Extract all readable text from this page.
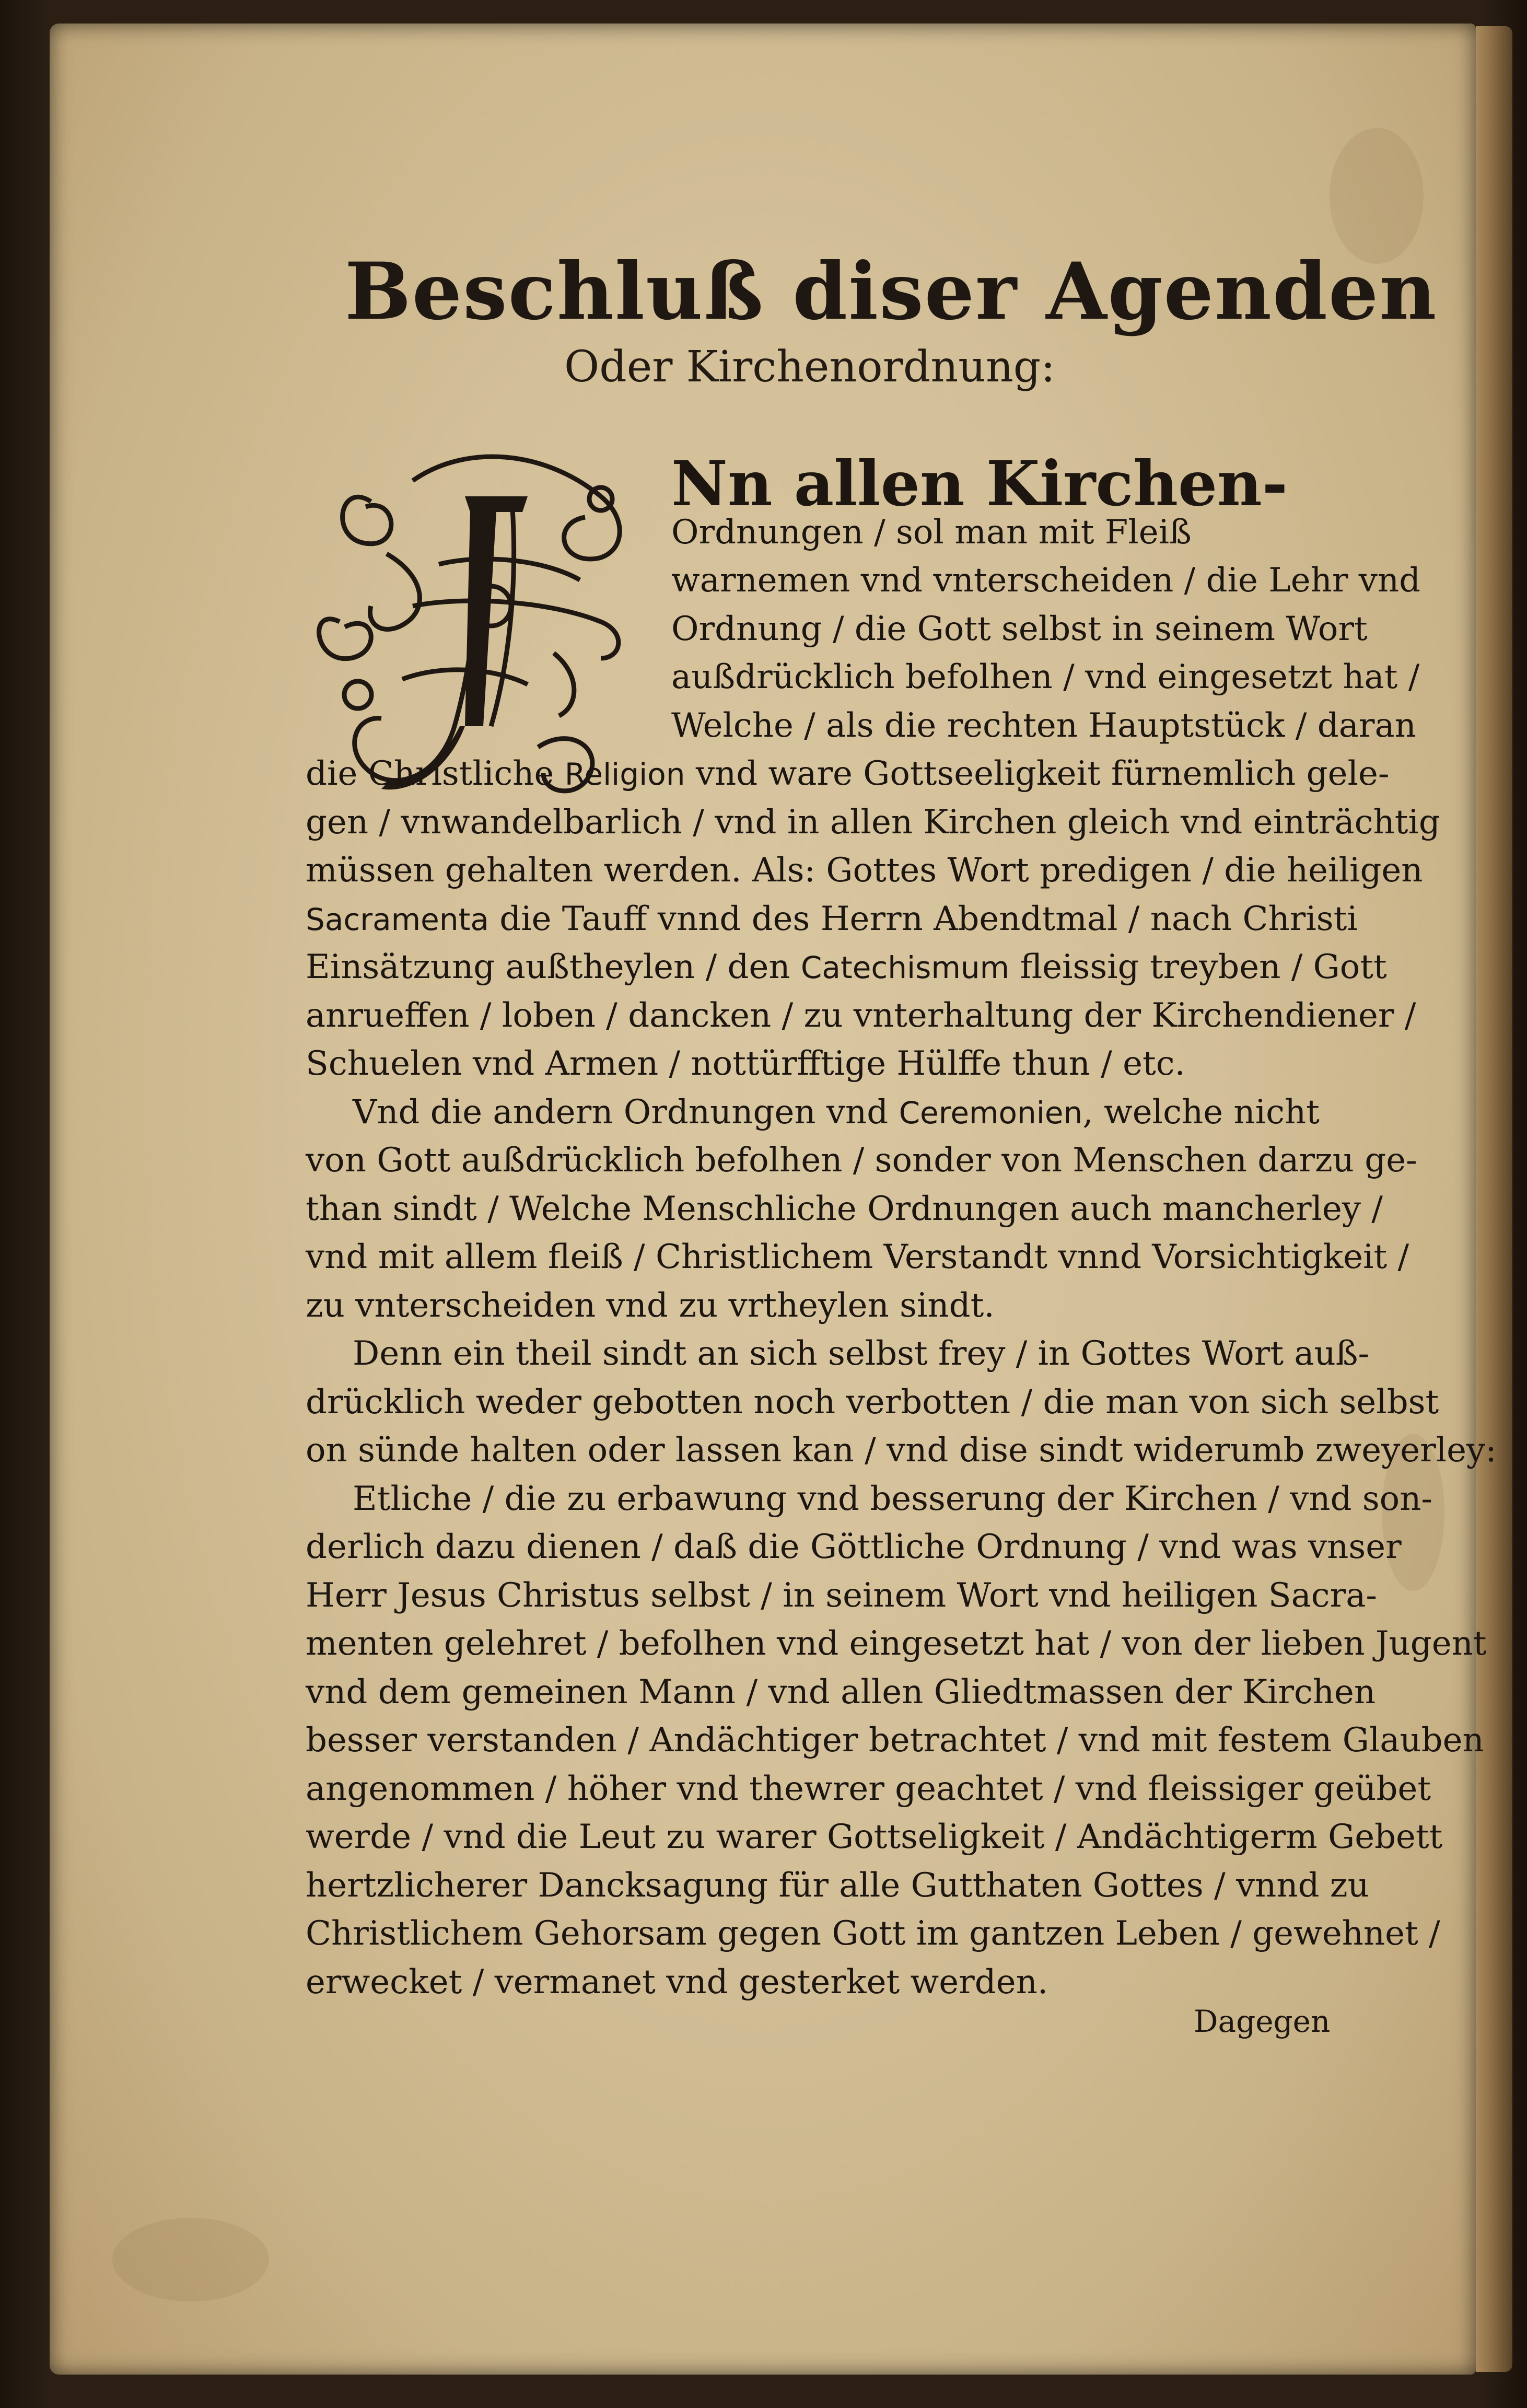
Beschluß diser Agenden
Oder Kirchenordnung:
Nn allen Kirchen-
Ordnungen / sol man mit Fleiß
warnemen vnd vnterscheiden / die Lehr vnd
Ordnung / die Gott selbst in seinem Wort
außdrücklich befolhen / vnd eingesetzt hat /
Welche / als die rechten Hauptstück / daran
die Christliche Religion vnd ware Gottseeligkeit fürnemlich gele-
gen / vnwandelbarlich / vnd in allen Kirchen gleich vnd einträchtig
müssen gehalten werden. Als: Gottes Wort predigen / die heiligen
Sacramenta die Tauff vnnd des Herrn Abendtmal / nach Christi
Einsätzung außtheylen / den Catechismum fleissig treyben / Gott
anrueffen / loben / dancken / zu vnterhaltung der Kirchendiener /
Schuelen vnd Armen / nottürfftige Hülffe thun / etc.
Vnd die andern Ordnungen vnd Ceremonien, welche nicht
von Gott außdrücklich befolhen / sonder von Menschen darzu ge-
than sindt / Welche Menschliche Ordnungen auch mancherley /
vnd mit allem fleiß / Christlichem Verstandt vnnd Vorsichtigkeit /
zu vnterscheiden vnd zu vrtheylen sindt.
Denn ein theil sindt an sich selbst frey / in Gottes Wort auß-
drücklich weder gebotten noch verbotten / die man von sich selbst
on sünde halten oder lassen kan / vnd dise sindt widerumb zweyerley:
Etliche / die zu erbawung vnd besserung der Kirchen / vnd son-
derlich dazu dienen / daß die Göttliche Ordnung / vnd was vnser
Herr Jesus Christus selbst / in seinem Wort vnd heiligen Sacra-
menten gelehret / befolhen vnd eingesetzt hat / von der lieben Jugent
vnd dem gemeinen Mann / vnd allen Gliedtmassen der Kirchen
besser verstanden / Andächtiger betrachtet / vnd mit festem Glauben
angenommen / höher vnd thewrer geachtet / vnd fleissiger geübet
werde / vnd die Leut zu warer Gottseligkeit / Andächtigerm Gebett
hertzlicherer Dancksagung für alle Gutthaten Gottes / vnnd zu
Christlichem Gehorsam gegen Gott im gantzen Leben / gewehnet /
erwecket / vermanet vnd gesterket werden.
Dagegen
